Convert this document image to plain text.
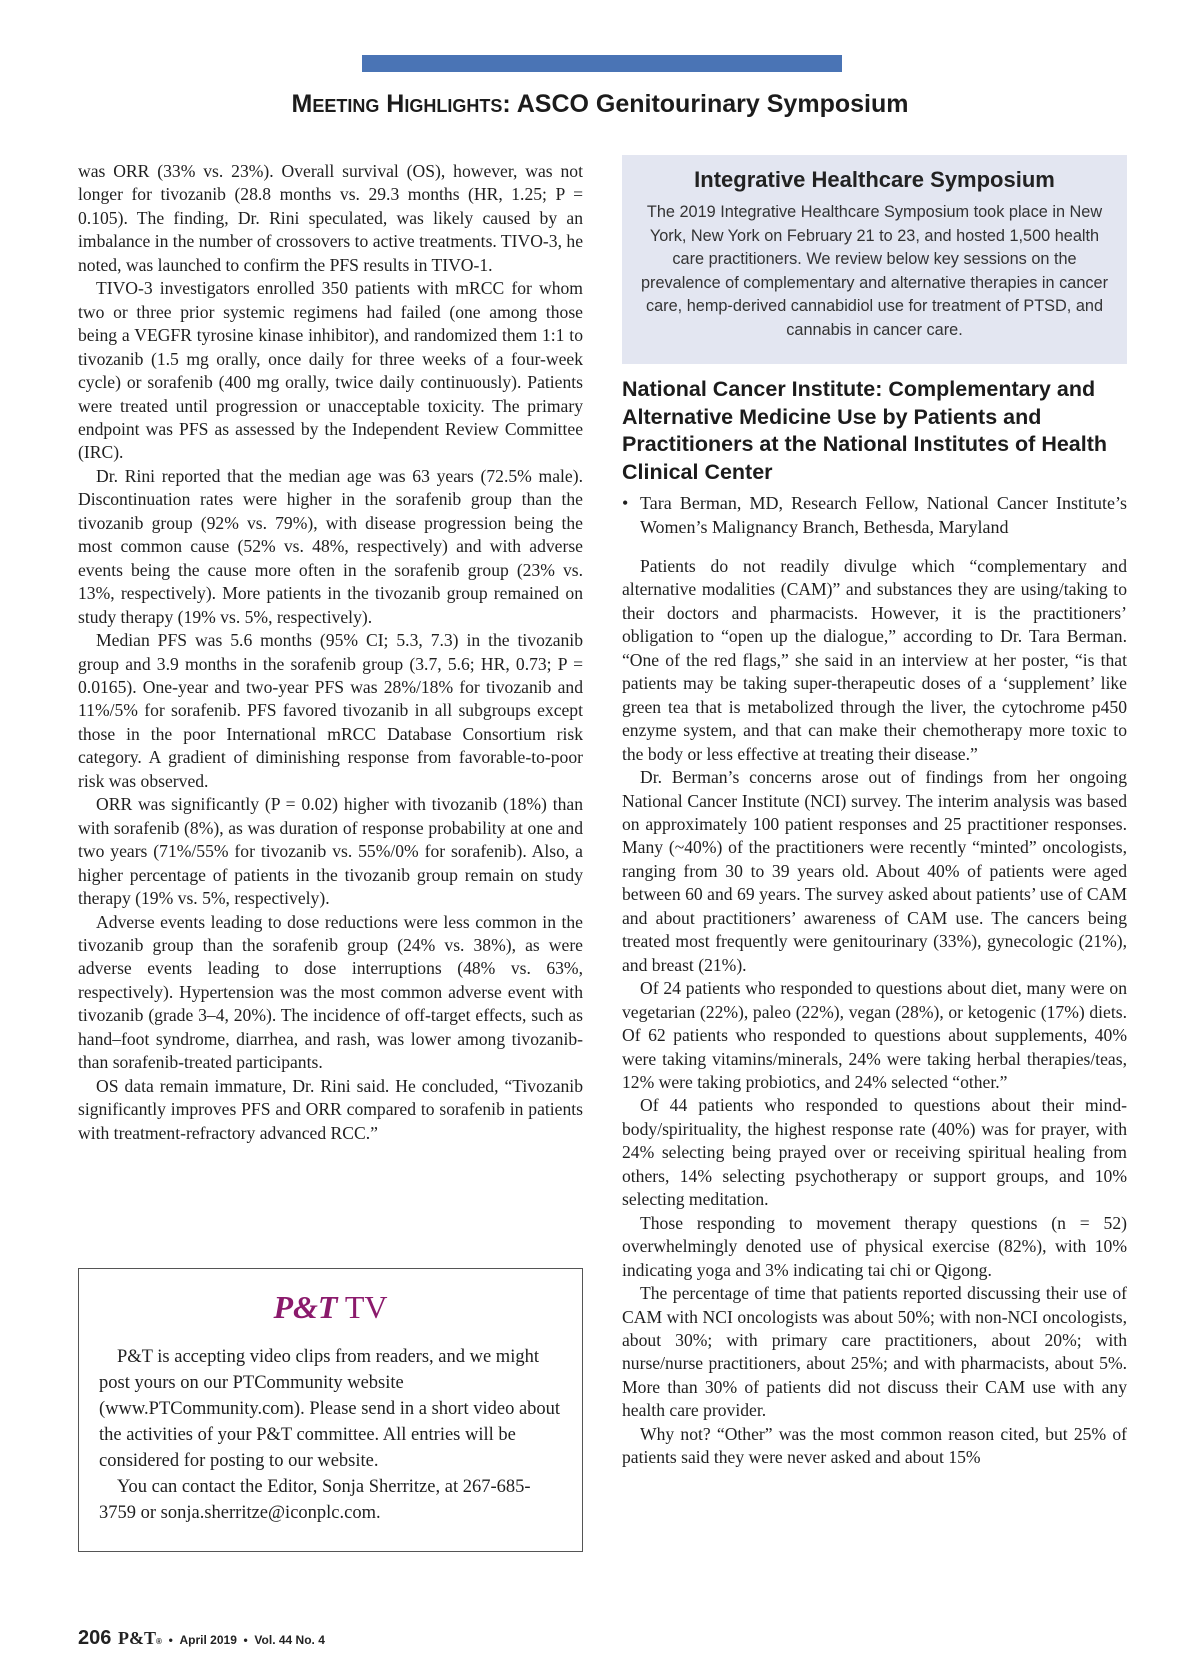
Meeting Highlights: ASCO Genitourinary Symposium

was ORR (33% vs. 23%). Overall survival (OS), however, was not longer for tivozanib (28.8 months vs. 29.3 months (HR, 1.25; P = 0.105). The finding, Dr. Rini speculated, was likely caused by an imbalance in the number of crossovers to active treatments. TIVO-3, he noted, was launched to confirm the PFS results in TIVO-1.

TIVO-3 investigators enrolled 350 patients with mRCC for whom two or three prior systemic regimens had failed (one among those being a VEGFR tyrosine kinase inhibitor), and randomized them 1:1 to tivozanib (1.5 mg orally, once daily for three weeks of a four-week cycle) or sorafenib (400 mg orally, twice daily continuously). Patients were treated until progression or unacceptable toxicity. The primary endpoint was PFS as assessed by the Independent Review Committee (IRC).

Dr. Rini reported that the median age was 63 years (72.5% male). Discontinuation rates were higher in the sorafenib group than the tivozanib group (92% vs. 79%), with disease progression being the most common cause (52% vs. 48%, respectively) and with adverse events being the cause more often in the sorafenib group (23% vs. 13%, respectively). More patients in the tivozanib group remained on study therapy (19% vs. 5%, respectively).

Median PFS was 5.6 months (95% CI; 5.3, 7.3) in the tivozanib group and 3.9 months in the sorafenib group (3.7, 5.6; HR, 0.73; P = 0.0165). One-year and two-year PFS was 28%/18% for tivozanib and 11%/5% for sorafenib. PFS favored tivozanib in all subgroups except those in the poor International mRCC Database Consortium risk category. A gradient of diminishing response from favorable-to-poor risk was observed.

ORR was significantly (P = 0.02) higher with tivozanib (18%) than with sorafenib (8%), as was duration of response probability at one and two years (71%/55% for tivozanib vs. 55%/0% for sorafenib). Also, a higher percentage of patients in the tivozanib group remain on study therapy (19% vs. 5%, respectively).

Adverse events leading to dose reductions were less common in the tivozanib group than the sorafenib group (24% vs. 38%), as were adverse events leading to dose interruptions (48% vs. 63%, respectively). Hypertension was the most common adverse event with tivozanib (grade 3–4, 20%). The incidence of off-target effects, such as hand–foot syndrome, diarrhea, and rash, was lower among tivozanib- than sorafenib-treated participants.

OS data remain immature, Dr. Rini said. He concluded, “Tivozanib significantly improves PFS and ORR compared to sorafenib in patients with treatment-refractory advanced RCC.”

Integrative Healthcare Symposium

The 2019 Integrative Healthcare Symposium took place in New York, New York on February 21 to 23, and hosted 1,500 health care practitioners. We review below key sessions on the prevalence of complementary and alternative therapies in cancer care, hemp-derived cannabidiol use for treatment of PTSD, and cannabis in cancer care.

National Cancer Institute: Complementary and Alternative Medicine Use by Patients and Practitioners at the National Institutes of Health Clinical Center
• Tara Berman, MD, Research Fellow, National Cancer Institute’s Women’s Malignancy Branch, Bethesda, Maryland

Patients do not readily divulge which “complementary and alternative modalities (CAM)” and substances they are using/taking to their doctors and pharmacists. However, it is the practitioners’ obligation to “open up the dialogue,” according to Dr. Tara Berman. “One of the red flags,” she said in an interview at her poster, “is that patients may be taking super-therapeutic doses of a ‘supplement’ like green tea that is metabolized through the liver, the cytochrome p450 enzyme system, and that can make their chemotherapy more toxic to the body or less effective at treating their disease.”

Dr. Berman’s concerns arose out of findings from her ongoing National Cancer Institute (NCI) survey. The interim analysis was based on approximately 100 patient responses and 25 practitioner responses. Many (~40%) of the practitioners were recently “minted” oncologists, ranging from 30 to 39 years old. About 40% of patients were aged between 60 and 69 years. The survey asked about patients’ use of CAM and about practitioners’ awareness of CAM use. The cancers being treated most frequently were genitourinary (33%), gynecologic (21%), and breast (21%).

Of 24 patients who responded to questions about diet, many were on vegetarian (22%), paleo (22%), vegan (28%), or ketogenic (17%) diets. Of 62 patients who responded to questions about supplements, 40% were taking vitamins/minerals, 24% were taking herbal therapies/teas, 12% were taking probiotics, and 24% selected “other.”

Of 44 patients who responded to questions about their mind-body/spirituality, the highest response rate (40%) was for prayer, with 24% selecting being prayed over or receiving spiritual healing from others, 14% selecting psychotherapy or support groups, and 10% selecting meditation.

Those responding to movement therapy questions (n = 52) overwhelmingly denoted use of physical exercise (82%), with 10% indicating yoga and 3% indicating tai chi or Qigong.

The percentage of time that patients reported discussing their use of CAM with NCI oncologists was about 50%; with non-NCI oncologists, about 30%; with primary care practitioners, about 20%; with nurse/nurse practitioners, about 25%; and with pharmacists, about 5%. More than 30% of patients did not discuss their CAM use with any health care provider.

Why not? “Other” was the most common reason cited, but 25% of patients said they were never asked and about 15%

P&T TV

P&T is accepting video clips from readers, and we might post yours on our PTCommunity website (www.PTCommunity.com). Please send in a short video about the activities of your P&T committee. All entries will be considered for posting to our website.

You can contact the Editor, Sonja Sherritze, at 267-685-3759 or sonja.sherritze@iconplc.com.

206 P&T® • April 2019 • Vol. 44 No. 4
